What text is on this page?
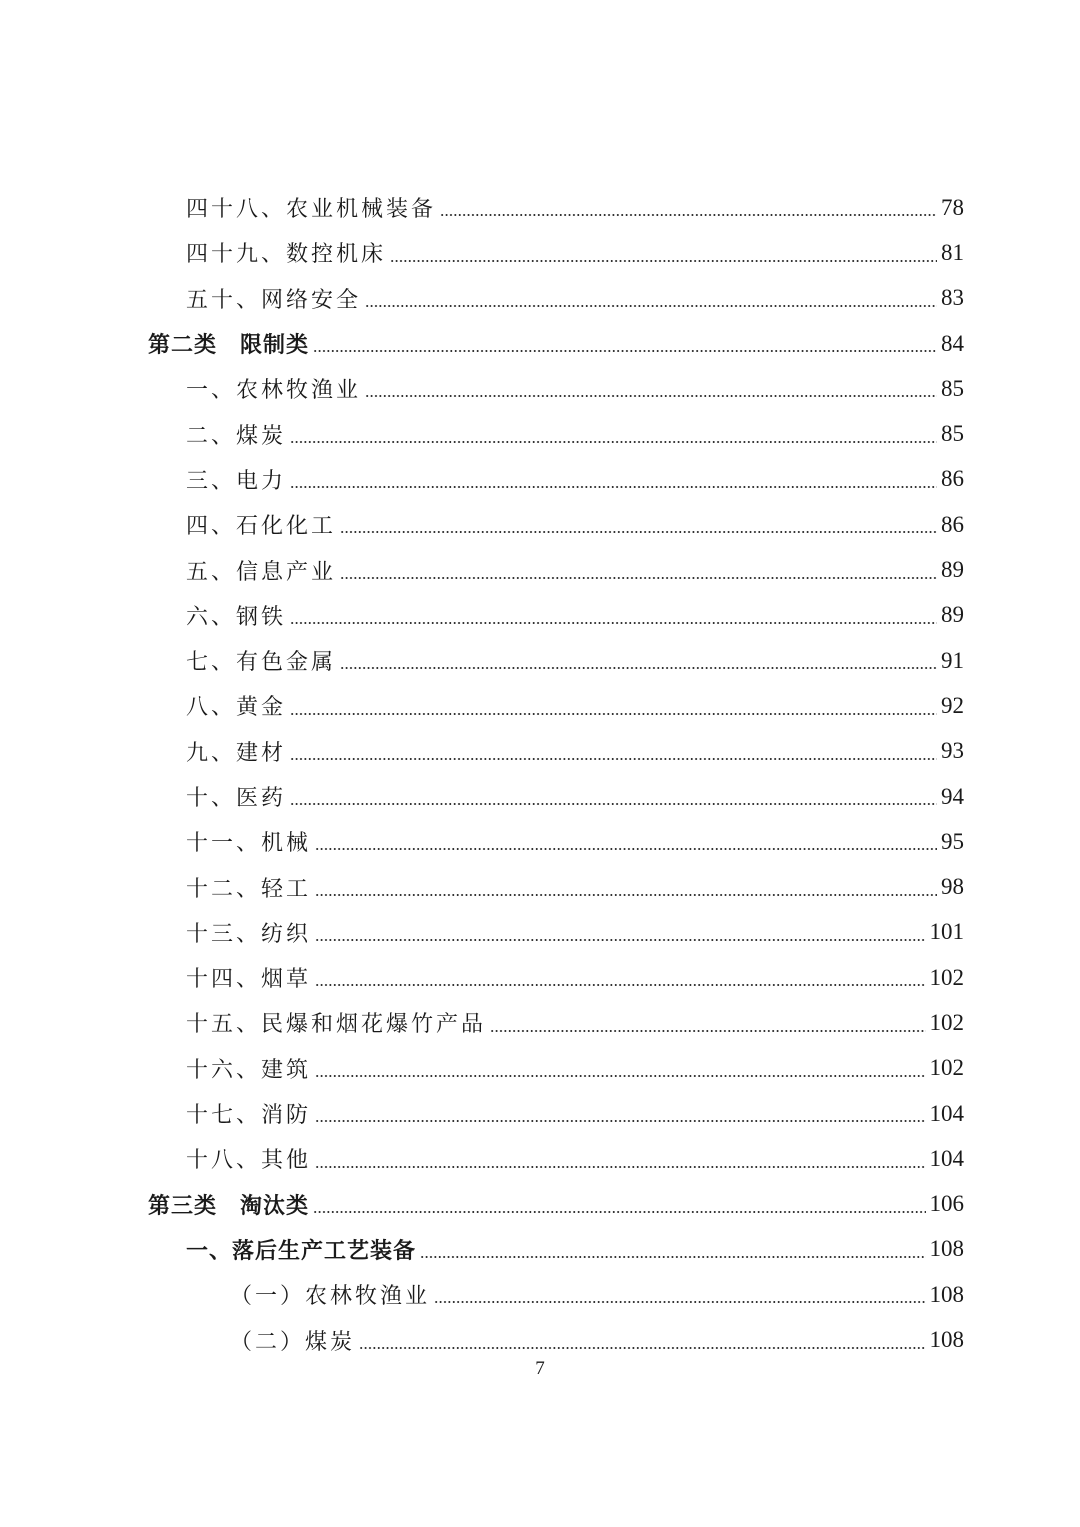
四十八、农业机械装备	78
四十九、数控机床	81
五十、网络安全	83
第二类　限制类	84
一、农林牧渔业	85
二、煤炭	85
三、电力	86
四、石化化工	86
五、信息产业	89
六、钢铁	89
七、有色金属	91
八、黄金	92
九、建材	93
十、医药	94
十一、机械	95
十二、轻工	98
十三、纺织	101
十四、烟草	102
十五、民爆和烟花爆竹产品	102
十六、建筑	102
十七、消防	104
十八、其他	104
第三类　淘汰类	106
一、落后生产工艺装备	108
（一）农林牧渔业	108
（二）煤炭	108
7
